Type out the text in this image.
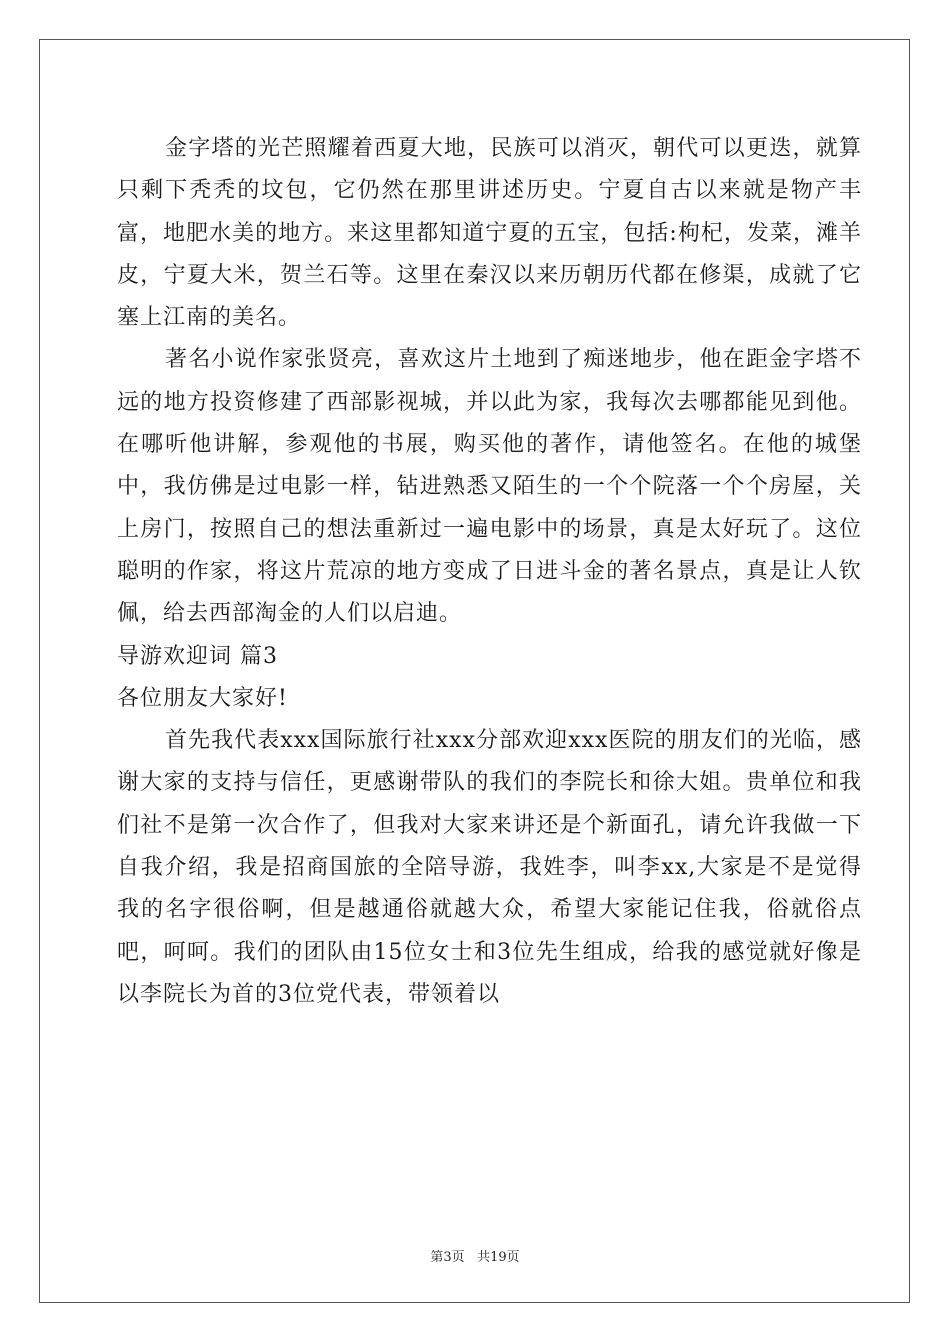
金字塔的光芒照耀着西夏大地，民族可以消灭，朝代可以更迭，就算只剩下秃秃的坟包，它仍然在那里讲述历史。宁夏自古以来就是物产丰富，地肥水美的地方。来这里都知道宁夏的五宝，包括:枸杞，发菜，滩羊皮，宁夏大米，贺兰石等。这里在秦汉以来历朝历代都在修渠，成就了它塞上江南的美名。

著名小说作家张贤亮，喜欢这片土地到了痴迷地步，他在距金字塔不远的地方投资修建了西部影视城，并以此为家，我每次去哪都能见到他。在哪听他讲解，参观他的书展，购买他的著作，请他签名。在他的城堡中，我仿佛是过电影一样，钻进熟悉又陌生的一个个院落一个个房屋，关上房门，按照自己的想法重新过一遍电影中的场景，真是太好玩了。这位聪明的作家，将这片荒凉的地方变成了日进斗金的著名景点，真是让人钦佩，给去西部淘金的人们以启迪。

导游欢迎词 篇3

各位朋友大家好!

首先我代表xxx国际旅行社xxx分部欢迎xxx医院的朋友们的光临，感谢大家的支持与信任，更感谢带队的我们的李院长和徐大姐。贵单位和我们社不是第一次合作了，但我对大家来讲还是个新面孔，请允许我做一下自我介绍，我是招商国旅的全陪导游，我姓李，叫李xx,大家是不是觉得我的名字很俗啊，但是越通俗就越大众，希望大家能记住我，俗就俗点吧，呵呵。我们的团队由15位女士和3位先生组成，给我的感觉就好像是以李院长为首的3位党代表，带领着以

第3页 共19页
